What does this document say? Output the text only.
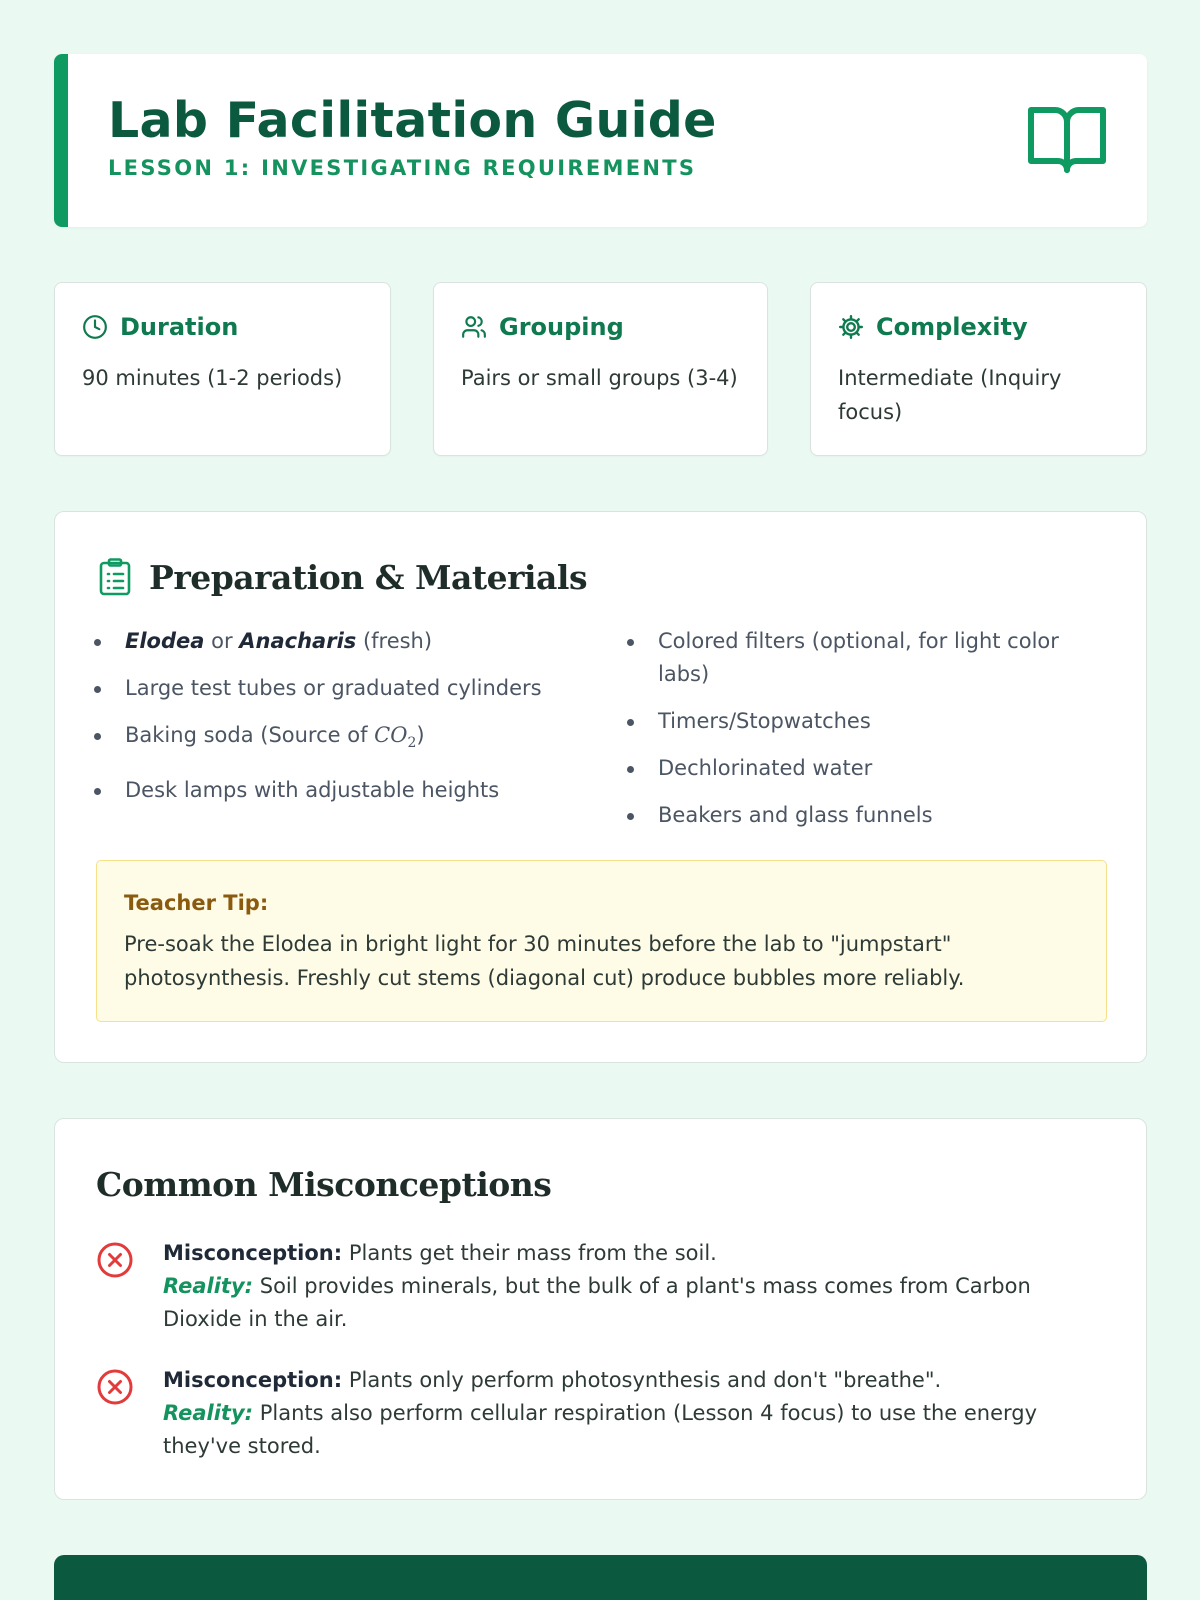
Lab Facilitation Guide
LESSON 1: INVESTIGATING REQUIREMENTS
Duration
90 minutes (1-2 periods)
Grouping
Pairs or small groups (3-4)
Complexity
Intermediate (Inquiry focus)
Preparation & Materials
Elodea or Anacharis (fresh)
Large test tubes or graduated cylinders
Baking soda (Source of $CO_2$)
Desk lamps with adjustable heights
Colored filters (optional, for light color labs)
Timers/Stopwatches
Dechlorinated water
Beakers and glass funnels
Teacher Tip:
Pre-soak the Elodea in bright light for 30 minutes before the lab to "jumpstart" photosynthesis. Freshly cut stems (diagonal cut) produce bubbles more reliably.
Common Misconceptions
Misconception: Plants get their mass from the soil.
Reality: Soil provides minerals, but the bulk of a plant's mass comes from Carbon Dioxide in the air.
Misconception: Plants only perform photosynthesis and don't "breathe".
Reality: Plants also perform cellular respiration (Lesson 4 focus) to use the energy they've stored.
